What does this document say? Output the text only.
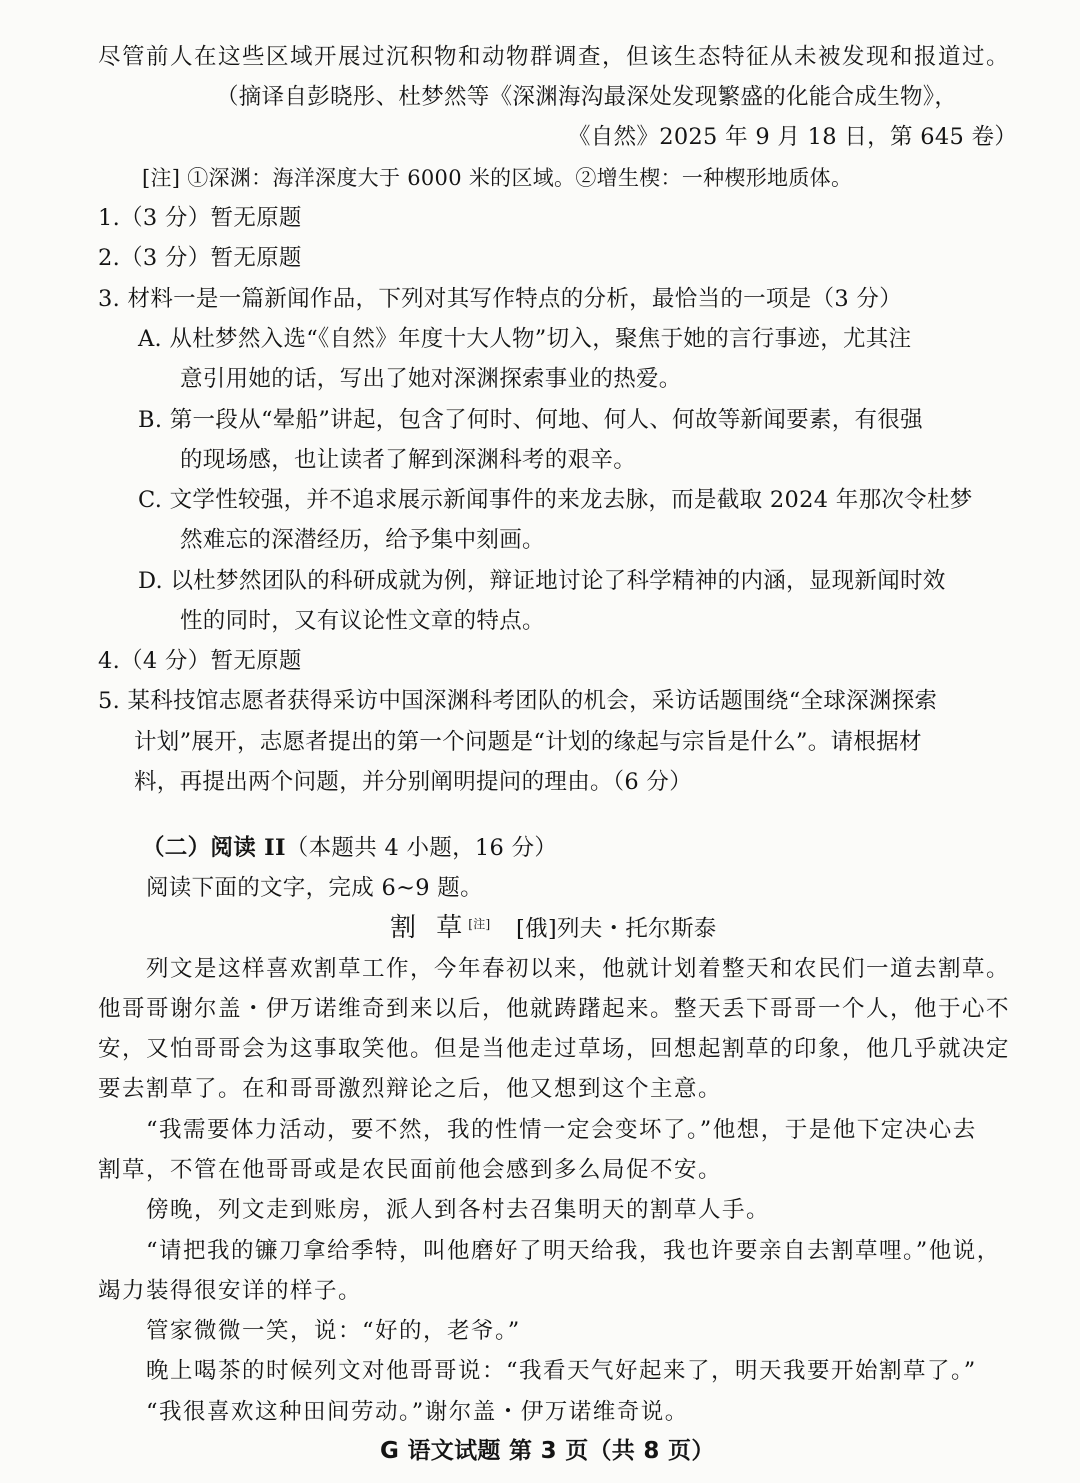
尽管前人在这些区域开展过沉积物和动物群调查，但该生态特征从未被发现和报道过。
（摘译自彭晓彤、杜梦然等《深渊海沟最深处发现繁盛的化能合成生物》，
《自然》2025 年 9 月 18 日，第 645 卷）
[注] ①深渊：海洋深度大于 6000 米的区域。②增生楔：一种楔形地质体。
1.（3 分）暂无原题
2.（3 分）暂无原题
3. 材料一是一篇新闻作品，下列对其写作特点的分析，最恰当的一项是（3 分）
A. 从杜梦然入选“《自然》年度十大人物”切入，聚焦于她的言行事迹，尤其注
意引用她的话，写出了她对深渊探索事业的热爱。
B. 第一段从“晕船”讲起，包含了何时、何地、何人、何故等新闻要素，有很强
的现场感，也让读者了解到深渊科考的艰辛。
C. 文学性较强，并不追求展示新闻事件的来龙去脉，而是截取 2024 年那次令杜梦
然难忘的深潜经历，给予集中刻画。
D. 以杜梦然团队的科研成就为例，辩证地讨论了科学精神的内涵，显现新闻时效
性的同时，又有议论性文章的特点。
4.（4 分）暂无原题
5. 某科技馆志愿者获得采访中国深渊科考团队的机会，采访话题围绕“全球深渊探索
计划”展开，志愿者提出的第一个问题是“计划的缘起与宗旨是什么”。请根据材
料，再提出两个问题，并分别阐明提问的理由。（6 分）
（二）阅读 II（本题共 4 小题，16 分）
阅读下面的文字，完成 6~9 题。
割 草[注] [俄]列夫・托尔斯泰
列文是这样喜欢割草工作，今年春初以来，他就计划着整天和农民们一道去割草。
他哥哥谢尔盖・伊万诺维奇到来以后，他就踌躇起来。整天丢下哥哥一个人，他于心不
安，又怕哥哥会为这事取笑他。但是当他走过草场，回想起割草的印象，他几乎就决定
要去割草了。在和哥哥激烈辩论之后，他又想到这个主意。
“我需要体力活动，要不然，我的性情一定会变坏了。”他想，于是他下定决心去
割草，不管在他哥哥或是农民面前他会感到多么局促不安。
傍晚，列文走到账房，派人到各村去召集明天的割草人手。
“请把我的镰刀拿给季特，叫他磨好了明天给我，我也许要亲自去割草哩。”他说，
竭力装得很安详的样子。
管家微微一笑，说：“好的，老爷。”
晚上喝茶的时候列文对他哥哥说：“我看天气好起来了，明天我要开始割草了。”
“我很喜欢这种田间劳动。”谢尔盖・伊万诺维奇说。
G 语文试题 第 3 页（共 8 页）
